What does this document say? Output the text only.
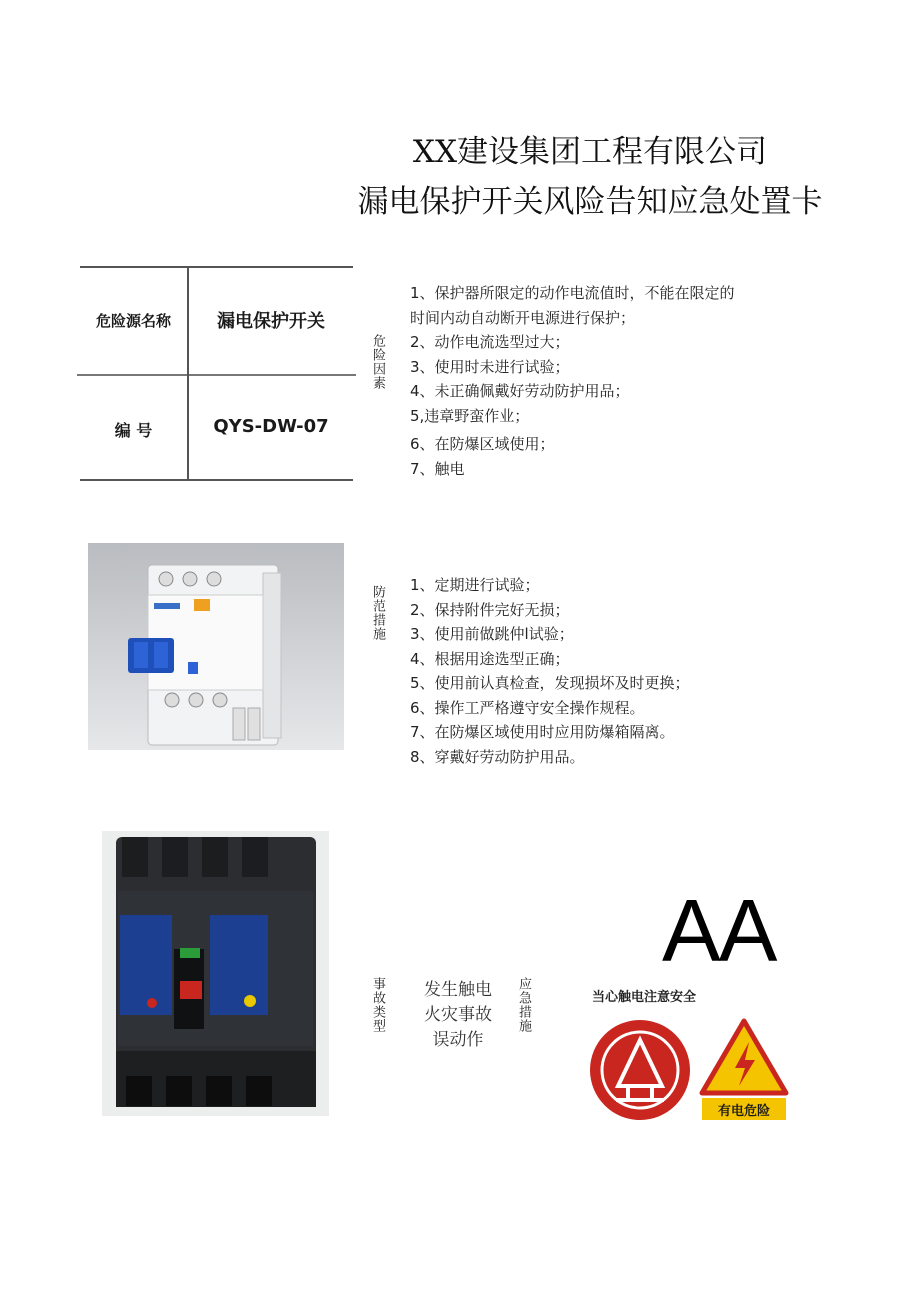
XX建设集团工程有限公司
漏电保护开关风险告知应急处置卡
危险源名称	漏电保护开关
编 号	QYS-DW-07
危险因素
防范措施
事故类型	应急措施
1、保护器所限定的动作电流值时，不能在限定的
时间内动自动断开电源进行保护；
2、动作电流选型过大；
3、使用时未进行试验；
4、未正确佩戴好劳动防护用品；
5,违章野蛮作业；
6、在防爆区域使用；
7、触电
1、定期进行试验；
2、保持附件完好无损；
3、使用前做跳仲l试验；
4、根据用途选型正确；
5、使用前认真检查，发现损坏及时更换；
6、操作工严格遵守安全操作规程。
7、在防爆区域使用时应用防爆箱隔离。
8、穿戴好劳动防护用品。
发生触电
火灾事故
误动作
AA
当心触电注意安全
有电危险
